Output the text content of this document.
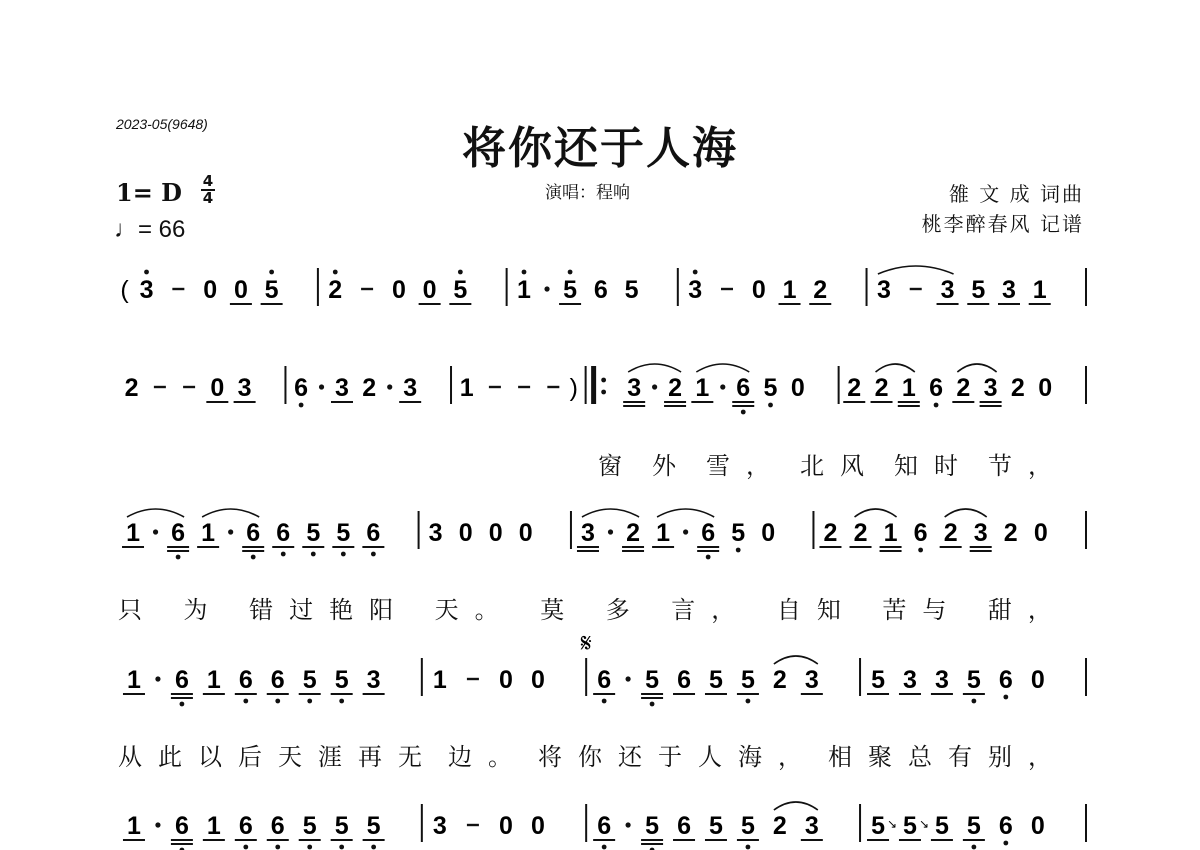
2023-05(9648)	将你还于人海
1= D 4
4
♩= 66
演唱：程响	雒 文 成 词曲
桃李醉春风 记谱
( 3 0 0 5 2 0 0 5 1 5 6 5 3 0 1 2 3 3 5 3 1
2	0 3 6 3 2 3 1	) 3 2 1 6 5 0 2 2 1 6 2 3 2 0
1 6 1 6 6 5 5 6 3 0 0 0 3 2 1 6 5 0 2 2 1 6 2 3 2 0
1 6 1 6 6 5 5 3 1 0 0
𝄋
6 5 6 5 5 2 3 5 3 3 5 6 0
1 6 1 6 6 5 5 5 3 0 0 6 5 6 5 5 2 3 5 ↘ 5 ↘ 5 5 6 0
窗 外 雪， 北风 知时 节，
只 为 错过艳阳 天。 莫 多 言， 自知 苦与 甜，
从此以后天涯再无 边。 将你还于人海， 相聚总有别，
